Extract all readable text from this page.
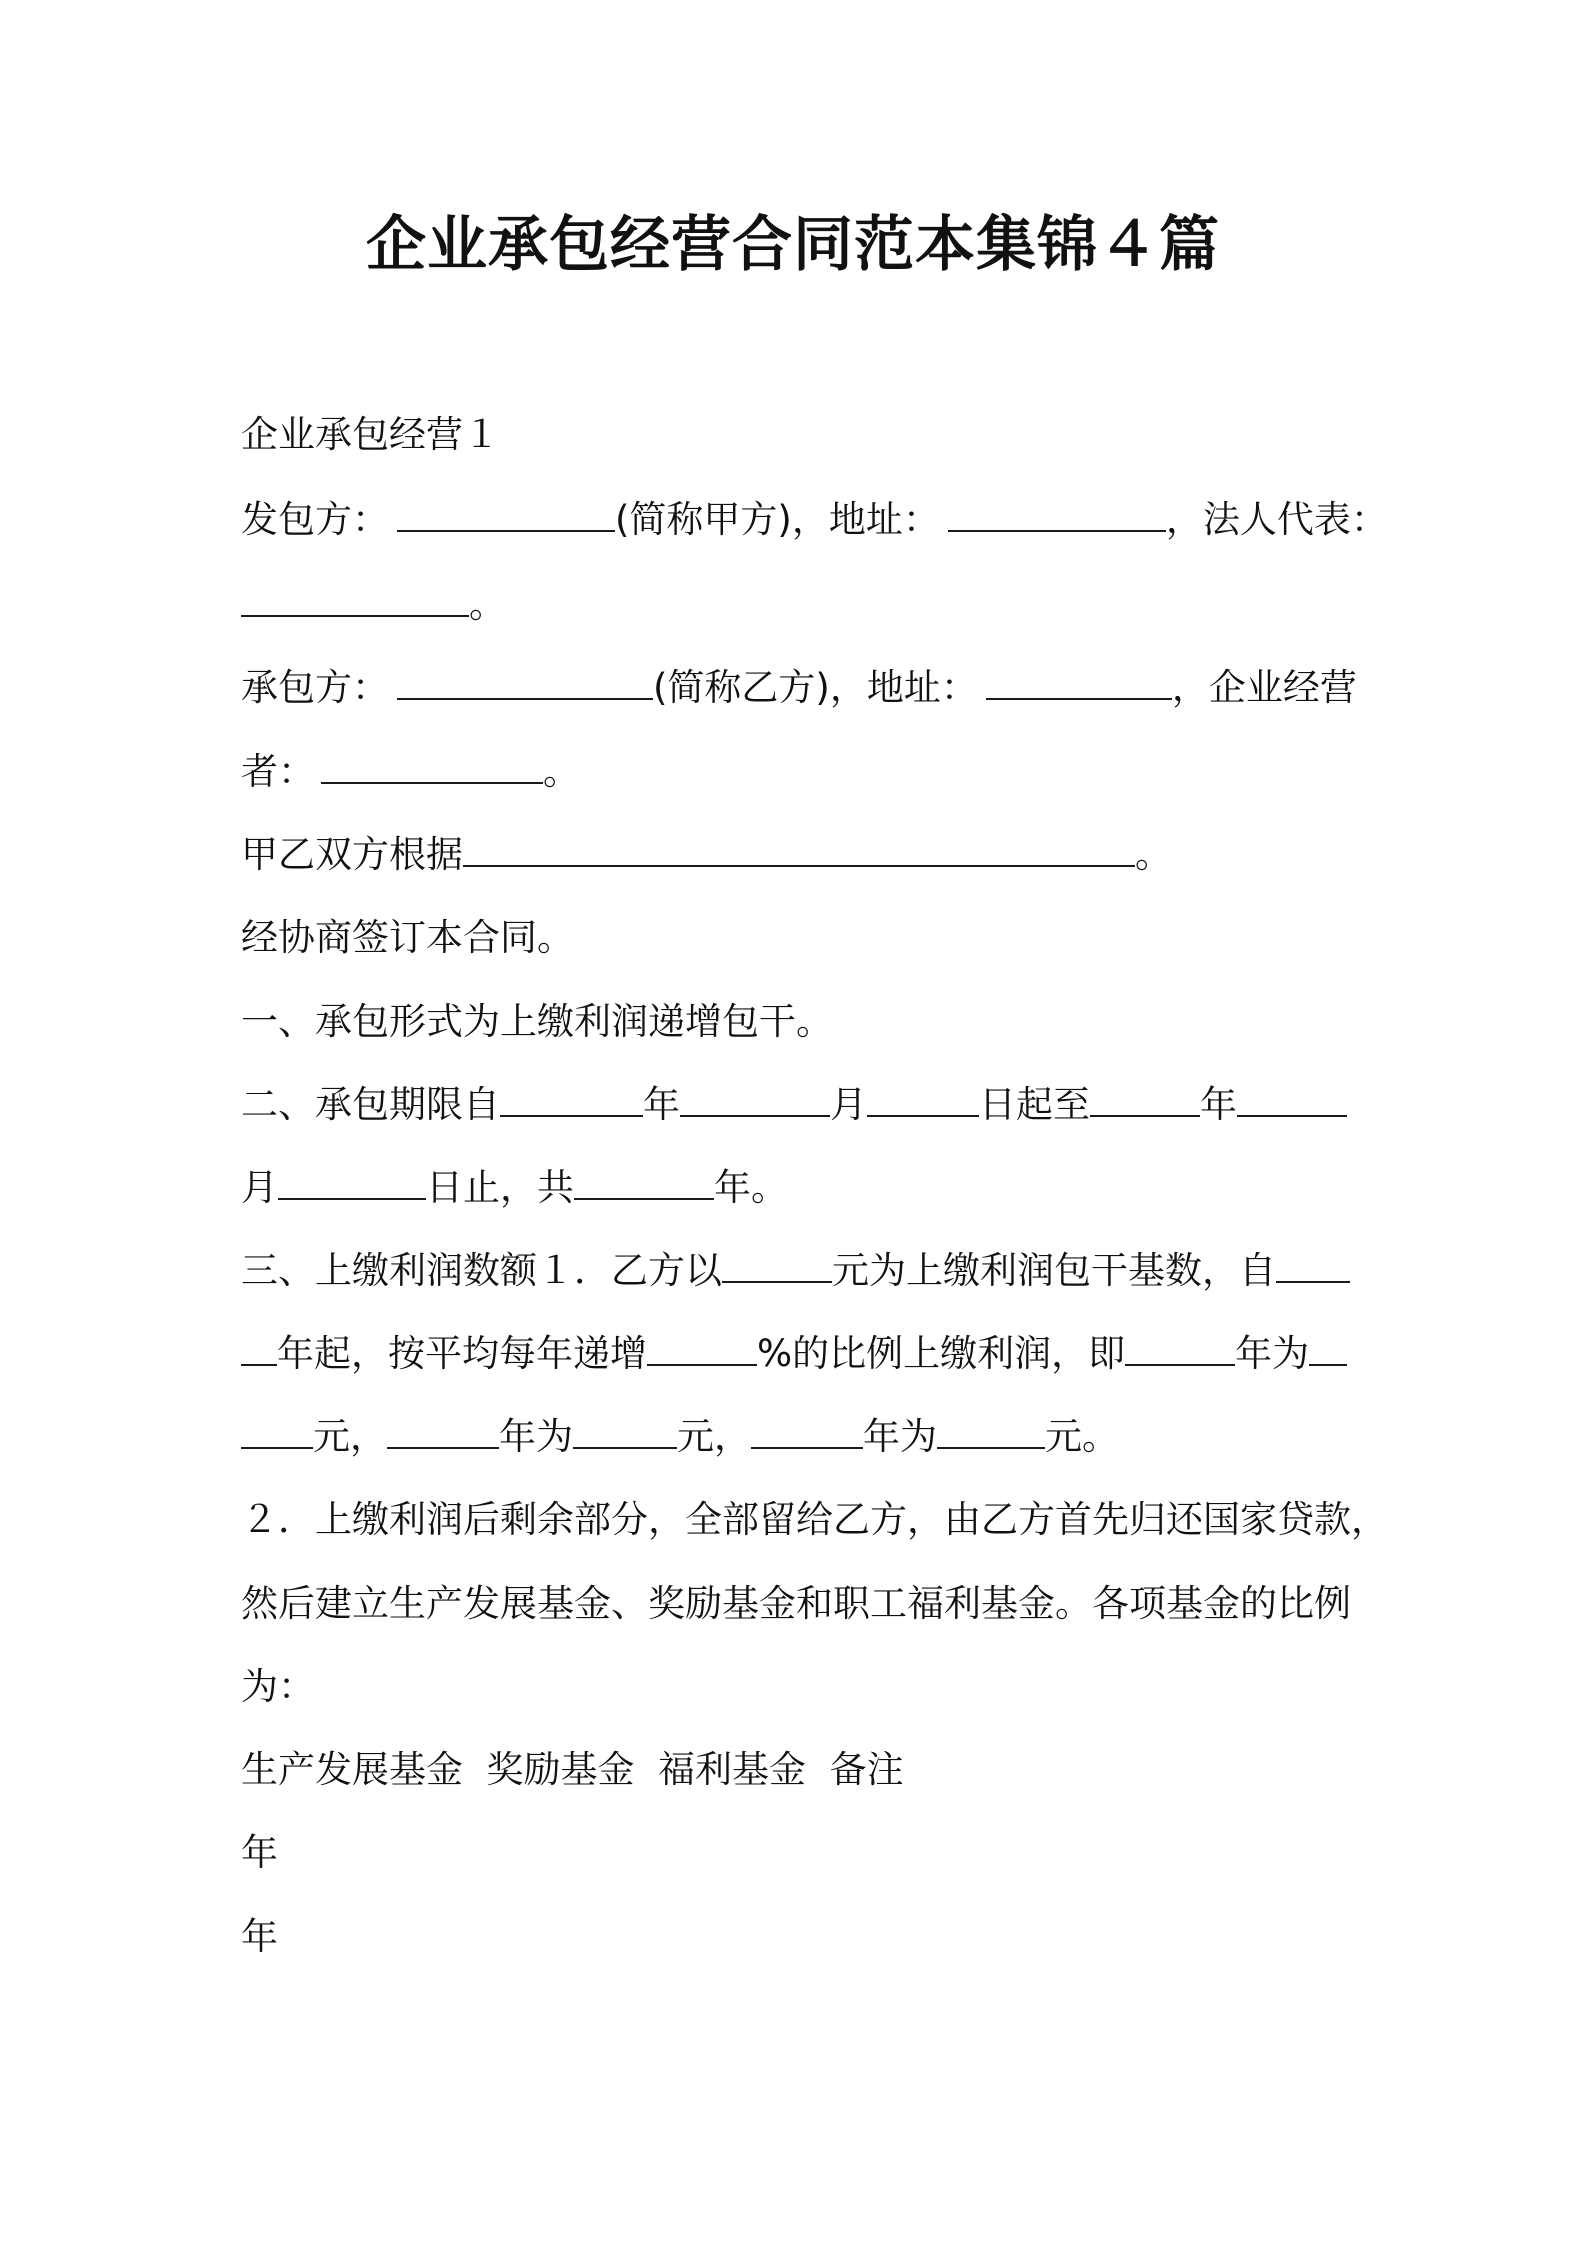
企业承包经营合同范本集锦４篇
企业承包经营１
发包方：	(简称甲方)，地址：	，法人代表：
。
承包方：	(简称乙方)，地址：	，企业经营
者：	。
甲乙双方根据	。
经协商签订本合同。
一、承包形式为上缴利润递增包干。
二、承包期限自	年	月	日起至	年
月	日止，共	年。
三、上缴利润数额１．乙方以	元为上缴利润包干基数，自
年起，按平均每年递增	%的比例上缴利润，即	年为
元，	年为	元，	年为	元。
２．上缴利润后剩余部分，全部留给乙方，由乙方首先归还国家贷款，
然后建立生产发展基金、奖励基金和职工福利基金。各项基金的比例
为：
生产发展基金  奖励基金  福利基金  备注
年
年
